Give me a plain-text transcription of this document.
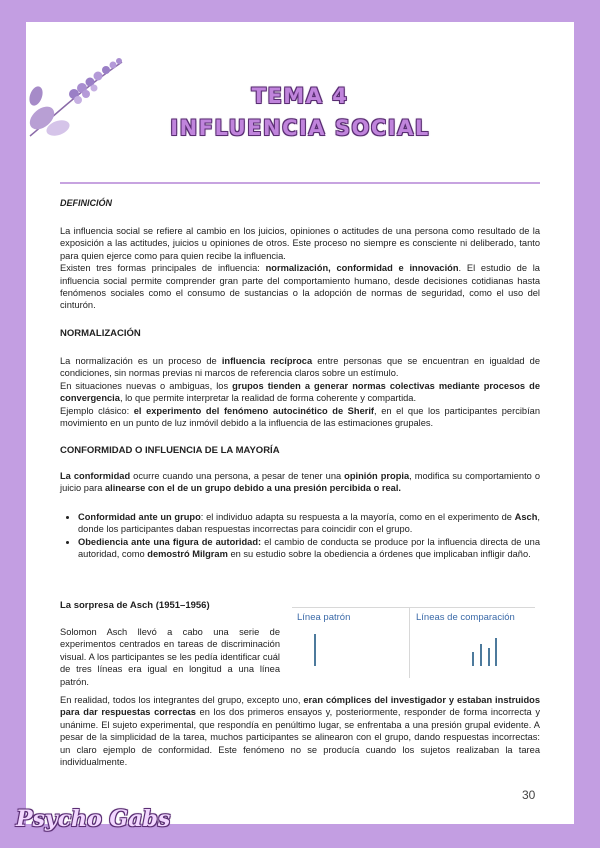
TEMA 4
INFLUENCIA SOCIAL
DEFINICIÓN
La influencia social se refiere al cambio en los juicios, opiniones o actitudes de una persona como resultado de la exposición a las actitudes, juicios u opiniones de otros. Este proceso no siempre es consciente ni deliberado, tanto para quien ejerce como para quien recibe la influencia.
Existen tres formas principales de influencia: normalización, conformidad e innovación. El estudio de la influencia social permite comprender gran parte del comportamiento humano, desde decisiones cotidianas hasta fenómenos sociales como el consumo de sustancias o la adopción de normas de seguridad, como el uso del cinturón.
NORMALIZACIÓN
La normalización es un proceso de influencia recíproca entre personas que se encuentran en igualdad de condiciones, sin normas previas ni marcos de referencia claros sobre un estímulo.
En situaciones nuevas o ambiguas, los grupos tienden a generar normas colectivas mediante procesos de convergencia, lo que permite interpretar la realidad de forma coherente y compartida.
Ejemplo clásico: el experimento del fenómeno autocinético de Sherif, en el que los participantes percibían movimiento en un punto de luz inmóvil debido a la influencia de las estimaciones grupales.
CONFORMIDAD O INFLUENCIA DE LA MAYORÍA
La conformidad ocurre cuando una persona, a pesar de tener una opinión propia, modifica su comportamiento o juicio para alinearse con el de un grupo debido a una presión percibida o real.
• Conformidad ante un grupo: el individuo adapta su respuesta a la mayoría, como en el experimento de Asch, donde los participantes daban respuestas incorrectas para coincidir con el grupo.
• Obediencia ante una figura de autoridad: el cambio de conducta se produce por la influencia directa de una autoridad, como demostró Milgram en su estudio sobre la obediencia a órdenes que implicaban infligir daño.
La sorpresa de Asch (1951–1956)
Solomon Asch llevó a cabo una serie de experimentos centrados en tareas de discriminación visual. A los participantes se les pedía identificar cuál de tres líneas era igual en longitud a una línea patrón.
Línea patrón	Líneas de comparación
En realidad, todos los integrantes del grupo, excepto uno, eran cómplices del investigador y estaban instruidos para dar respuestas correctas en los dos primeros ensayos y, posteriormente, responder de forma incorrecta y unánime. El sujeto experimental, que respondía en penúltimo lugar, se enfrentaba a una presión grupal evidente. A pesar de la simplicidad de la tarea, muchos participantes se alinearon con el grupo, dando respuestas incorrectas: un claro ejemplo de conformidad. Este fenómeno no se producía cuando los sujetos realizaban la tarea individualmente.
30
Psycho Gabs
